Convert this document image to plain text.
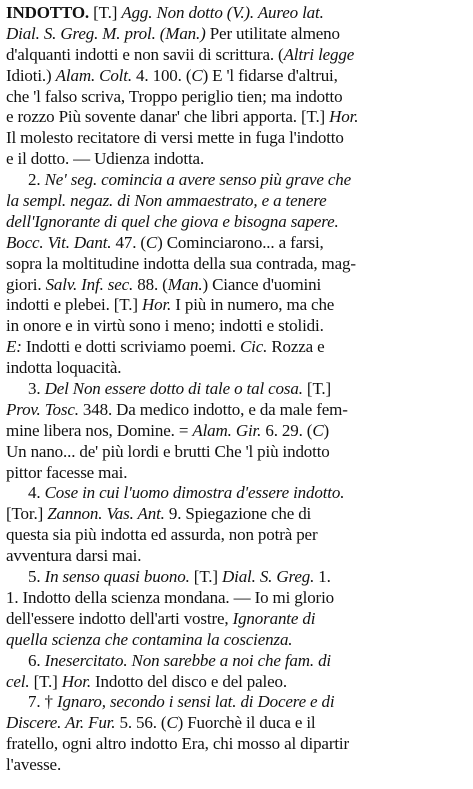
INDOTTO. [T.] Agg. Non dotto (V.). Aureo lat.
Dial. S. Greg. M. prol. (Man.) Per utilitate almeno
d'alquanti indotti e non savii di scrittura. (Altri legge
Idioti.) Alam. Colt. 4. 100. (C) E 'l fidarse d'altrui,
che 'l falso scriva, Troppo periglio tien; ma indotto
e rozzo Più sovente danar' che libri apporta. [T.] Hor.
Il molesto recitatore di versi mette in fuga l'indotto
e il dotto. — Udienza indotta.
2. Ne' seg. comincia a avere senso più grave che
la sempl. negaz. di Non ammaestrato, e a tenere
dell'Ignorante di quel che giova e bisogna sapere.
Bocc. Vit. Dant. 47. (C) Cominciarono... a farsi,
sopra la moltitudine indotta della sua contrada, mag-
giori. Salv. Inf. sec. 88. (Man.) Ciance d'uomini
indotti e plebei. [T.] Hor. I più in numero, ma che
in onore e in virtù sono i meno; indotti e stolidi.
E: Indotti e dotti scriviamo poemi. Cic. Rozza e
indotta loquacità.
3. Del Non essere dotto di tale o tal cosa. [T.]
Prov. Tosc. 348. Da medico indotto, e da male fem-
mine libera nos, Domine. = Alam. Gir. 6. 29. (C)
Un nano... de' più lordi e brutti Che 'l più indotto
pittor facesse mai.
4. Cose in cui l'uomo dimostra d'essere indotto.
[Tor.] Zannon. Vas. Ant. 9. Spiegazione che di
questa sia più indotta ed assurda, non potrà per
avventura darsi mai.
5. In senso quasi buono. [T.] Dial. S. Greg. 1.
1. Indotto della scienza mondana. — Io mi glorio
dell'essere indotto dell'arti vostre, Ignorante di
quella scienza che contamina la coscienza.
6. Inesercitato. Non sarebbe a noi che fam. di
cel. [T.] Hor. Indotto del disco e del paleo.
7. † Ignaro, secondo i sensi lat. di Docere e di
Discere. Ar. Fur. 5. 56. (C) Fuorchè il duca e il
fratello, ogni altro indotto Era, chi mosso al dipartir
l'avesse.
